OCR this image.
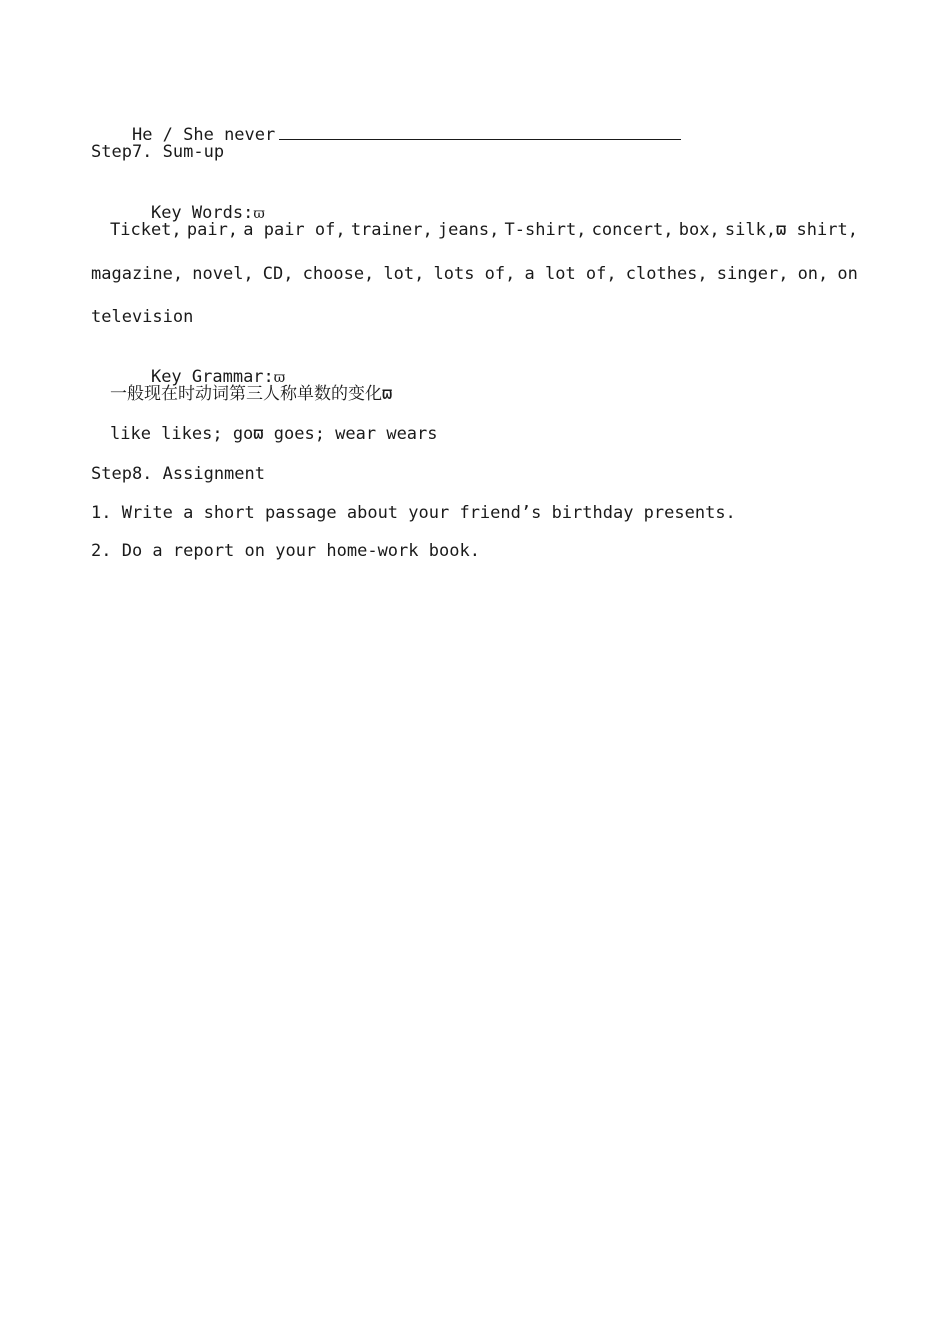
He / She never

Step7. Sum-up

Key Words:ϖ

Ticket, pair, a pair of, trainer, jeans, T-shirt, concert, box, silk,ϖ shirt,
magazine, novel, CD, choose, lot, lots of, a lot of, clothes, singer, on, on
television

Key Grammar:ϖ

一般现在时动词第三人称单数的变化ϖ
like likes; goϖ goes; wear wears
Step8. Assignment
1. Write a short passage about your friend’s birthday presents.
2. Do a report on your home-work book.
